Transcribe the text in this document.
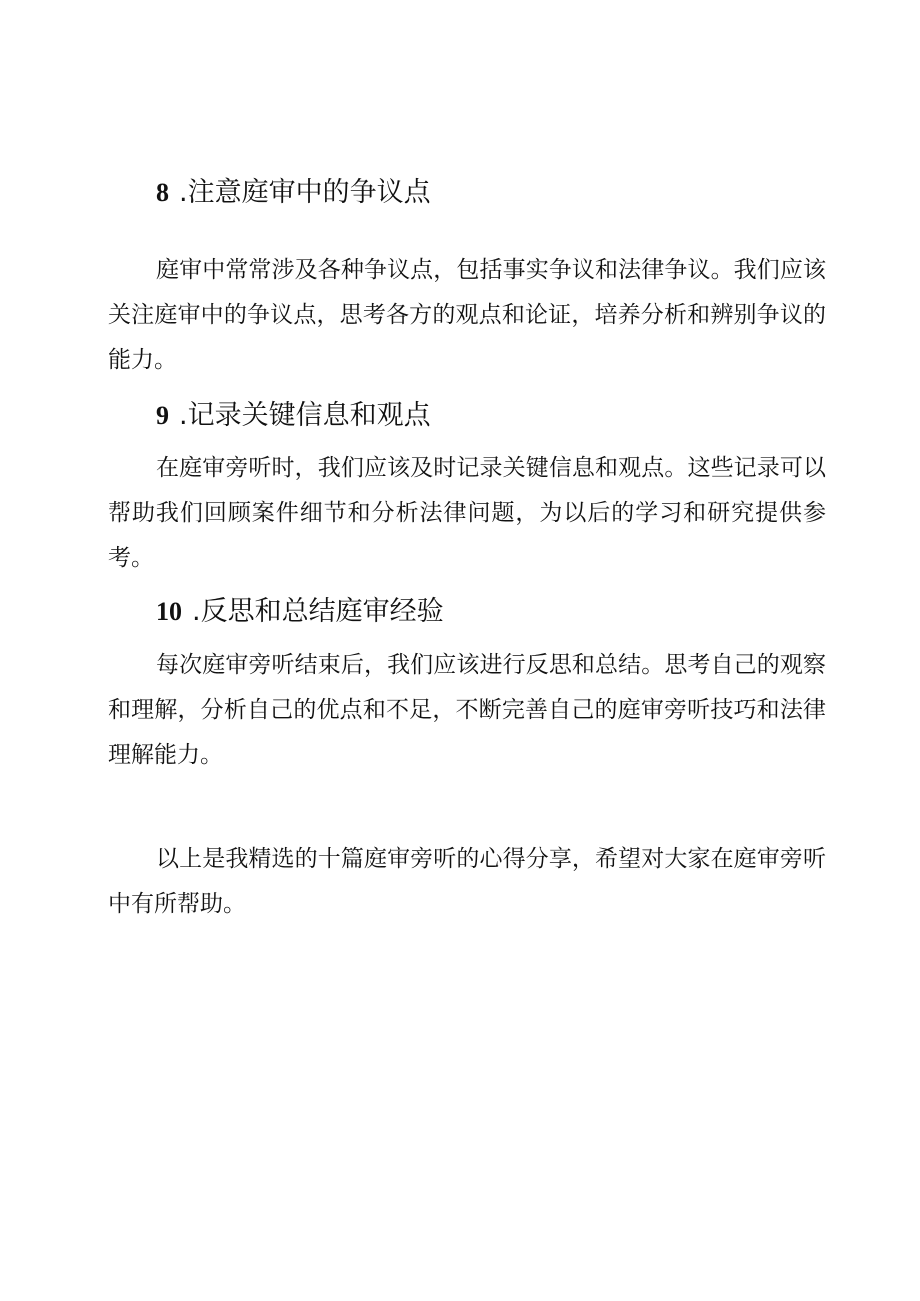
8 .注意庭审中的争议点

庭审中常常涉及各种争议点，包括事实争议和法律争议。我们应该关注庭审中的争议点，思考各方的观点和论证，培养分析和辨别争议的能力。

9 .记录关键信息和观点

在庭审旁听时，我们应该及时记录关键信息和观点。这些记录可以帮助我们回顾案件细节和分析法律问题，为以后的学习和研究提供参考。

10 .反思和总结庭审经验

每次庭审旁听结束后，我们应该进行反思和总结。思考自己的观察和理解，分析自己的优点和不足，不断完善自己的庭审旁听技巧和法律理解能力。

以上是我精选的十篇庭审旁听的心得分享，希望对大家在庭审旁听中有所帮助。
